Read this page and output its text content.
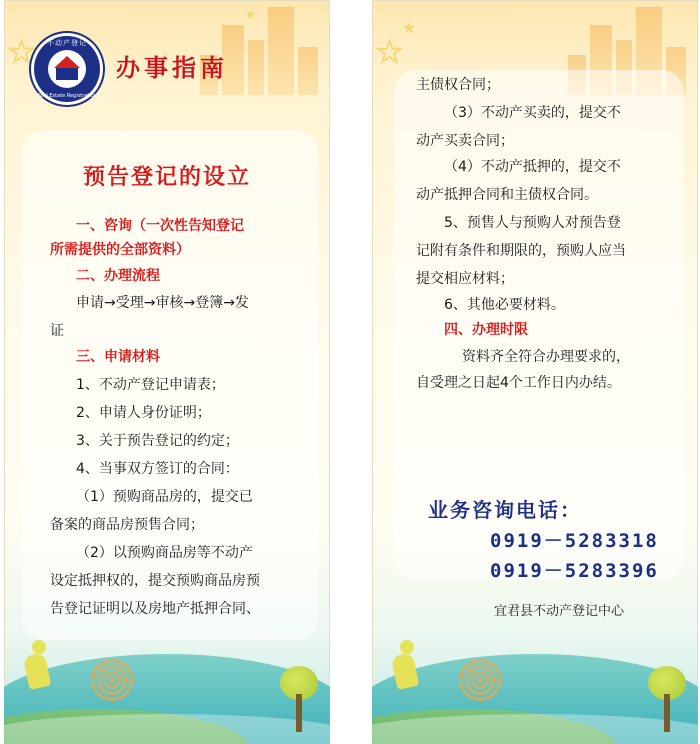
★
★
不动产登记
Real Estate Registration
办事指南
预告登记的设立
一、咨询（一次性告知登记
所需提供的全部资料）
二、办理流程
申请→受理→审核→登簿→发
证
三、申请材料
1、不动产登记申请表；
2、申请人身份证明；
3、关于预告登记的约定；
4、当事双方签订的合同：
（1）预购商品房的，提交已
备案的商品房预售合同；
（2）以预购商品房等不动产
设定抵押权的，提交预购商品房预
告登记证明以及房地产抵押合同、
★
★
主债权合同；
（3）不动产买卖的，提交不
动产买卖合同；
（4）不动产抵押的，提交不
动产抵押合同和主债权合同。
5、预售人与预购人对预告登
记附有条件和期限的，预购人应当
提交相应材料；
6、其他必要材料。
四、办理时限
资料齐全符合办理要求的，
自受理之日起4个工作日内办结。
业务咨询电话：
0919－5283318
0919－5283396
宜君县不动产登记中心
